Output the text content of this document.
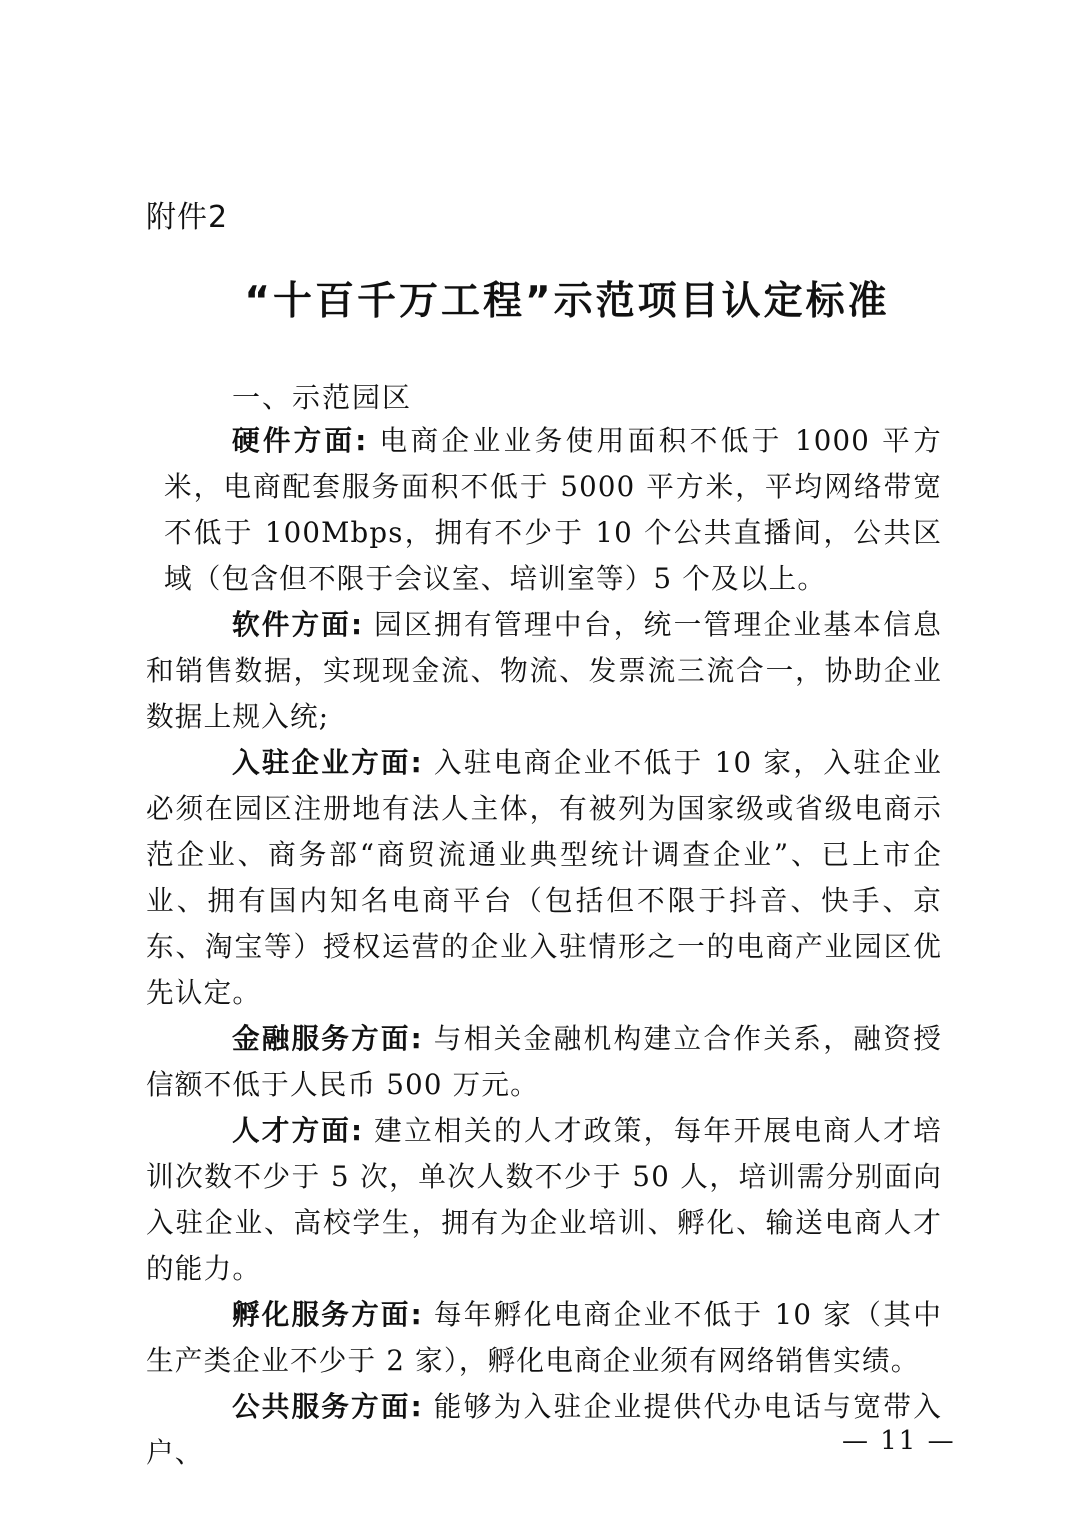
附件2
“十百千万工程”示范项目认定标准
一、示范园区

硬件方面: 电商企业业务使用面积不低于 1000 平方米，电商配套服务面积不低于 5000 平方米，平均网络带宽不低于 100Mbps，拥有不少于 10 个公共直播间，公共区域（包含但不限于会议室、培训室等）5 个及以上。

软件方面: 园区拥有管理中台，统一管理企业基本信息和销售数据，实现现金流、物流、发票流三流合一，协助企业数据上规入统;

入驻企业方面: 入驻电商企业不低于 10 家，入驻企业必须在园区注册地有法人主体，有被列为国家级或省级电商示范企业、商务部“商贸流通业典型统计调查企业”、已上市企业、拥有国内知名电商平台（包括但不限于抖音、快手、京东、淘宝等）授权运营的企业入驻情形之一的电商产业园区优先认定。

金融服务方面: 与相关金融机构建立合作关系，融资授信额不低于人民币 500 万元。

人才方面: 建立相关的人才政策，每年开展电商人才培训次数不少于 5 次，单次人数不少于 50 人，培训需分别面向入驻企业、高校学生，拥有为企业培训、孵化、输送电商人才的能力。

孵化服务方面: 每年孵化电商企业不低于 10 家（其中生产类企业不少于 2 家），孵化电商企业须有网络销售实绩。

公共服务方面: 能够为入驻企业提供代办电话与宽带入户、	— 11 —
